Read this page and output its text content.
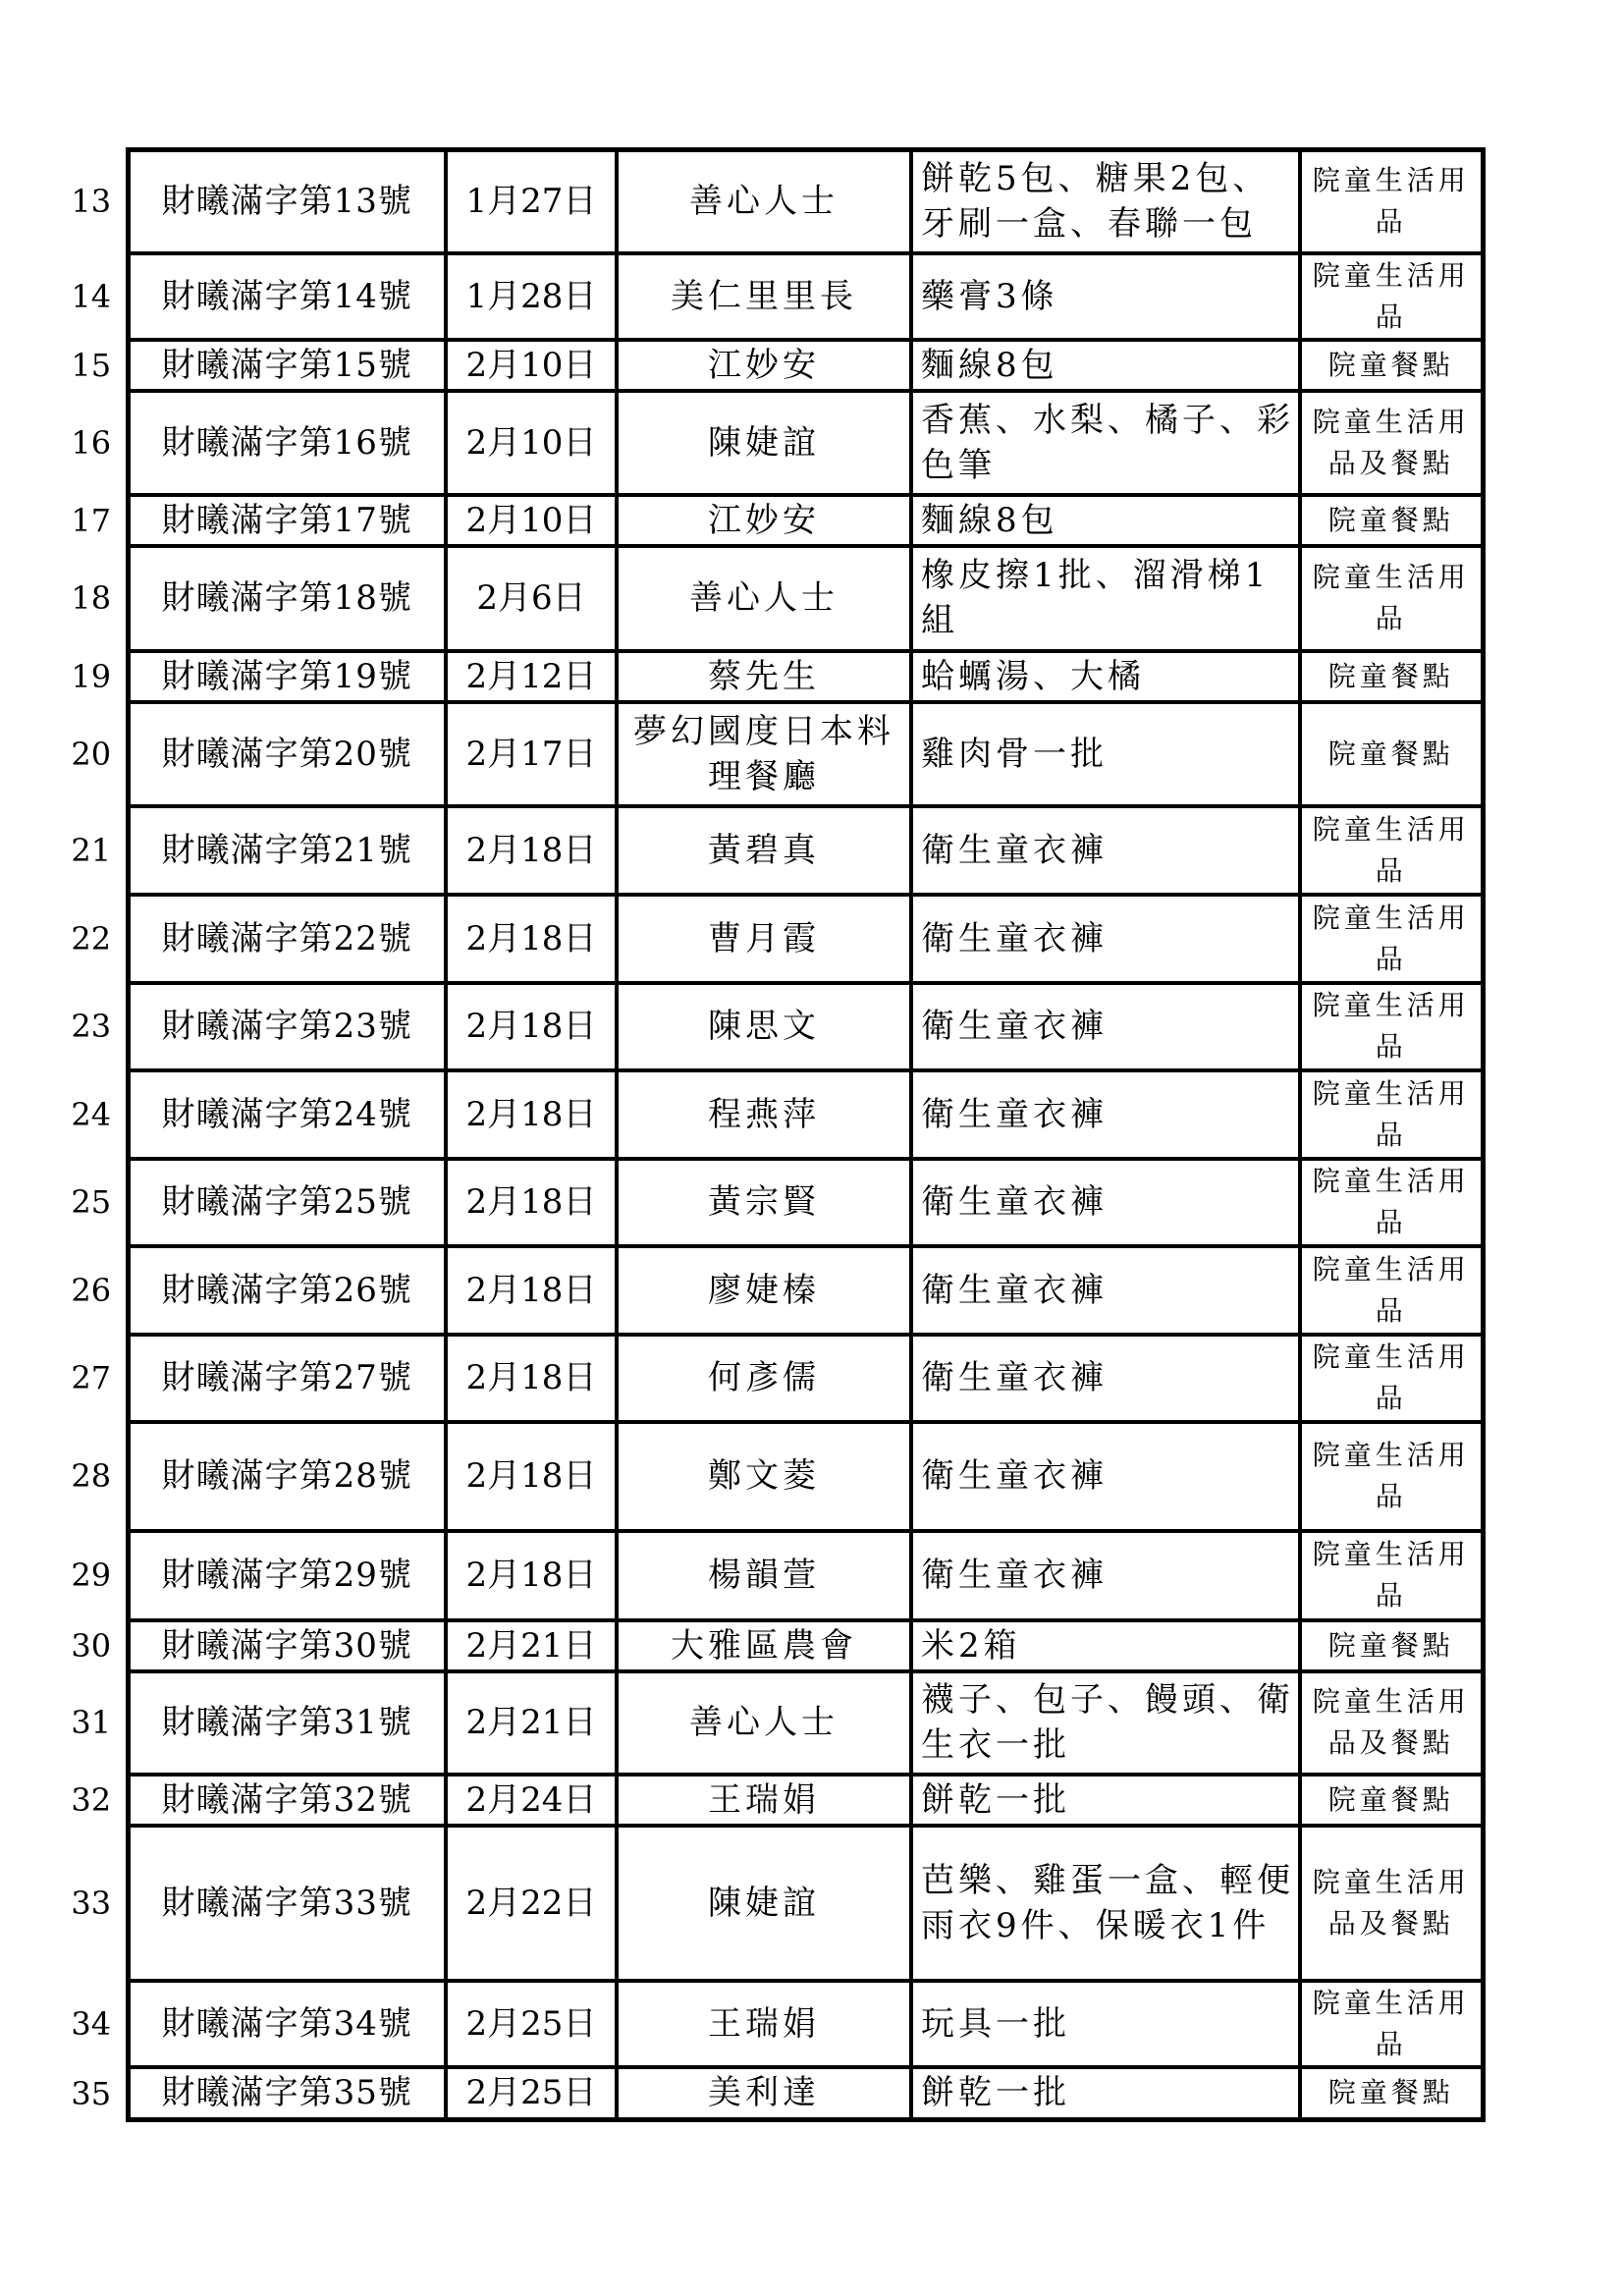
13	財曦滿字第13號	1月27日	善心人士	餅乾5包、糖果2包、牙刷一盒、春聯一包	院童生活用品
14	財曦滿字第14號	1月28日	美仁里里長	藥膏3條	院童生活用品
15	財曦滿字第15號	2月10日	江妙安	麵線8包	院童餐點
16	財曦滿字第16號	2月10日	陳婕誼	香蕉、水梨、橘子、彩色筆	院童生活用品及餐點
17	財曦滿字第17號	2月10日	江妙安	麵線8包	院童餐點
18	財曦滿字第18號	2月6日	善心人士	橡皮擦1批、溜滑梯1組	院童生活用品
19	財曦滿字第19號	2月12日	蔡先生	蛤蠣湯、大橘	院童餐點
20	財曦滿字第20號	2月17日	夢幻國度日本料理餐廳	雞肉骨一批	院童餐點
21	財曦滿字第21號	2月18日	黃碧真	衛生童衣褲	院童生活用品
22	財曦滿字第22號	2月18日	曹月霞	衛生童衣褲	院童生活用品
23	財曦滿字第23號	2月18日	陳思文	衛生童衣褲	院童生活用品
24	財曦滿字第24號	2月18日	程燕萍	衛生童衣褲	院童生活用品
25	財曦滿字第25號	2月18日	黃宗賢	衛生童衣褲	院童生活用品
26	財曦滿字第26號	2月18日	廖婕榛	衛生童衣褲	院童生活用品
27	財曦滿字第27號	2月18日	何彥儒	衛生童衣褲	院童生活用品
28	財曦滿字第28號	2月18日	鄭文菱	衛生童衣褲	院童生活用品
29	財曦滿字第29號	2月18日	楊韻萱	衛生童衣褲	院童生活用品
30	財曦滿字第30號	2月21日	大雅區農會	米2箱	院童餐點
31	財曦滿字第31號	2月21日	善心人士	襪子、包子、饅頭、衛生衣一批	院童生活用品及餐點
32	財曦滿字第32號	2月24日	王瑞娟	餅乾一批	院童餐點
33	財曦滿字第33號	2月22日	陳婕誼	芭樂、雞蛋一盒、輕便雨衣9件、保暖衣1件	院童生活用品及餐點
34	財曦滿字第34號	2月25日	王瑞娟	玩具一批	院童生活用品
35	財曦滿字第35號	2月25日	美利達	餅乾一批	院童餐點
